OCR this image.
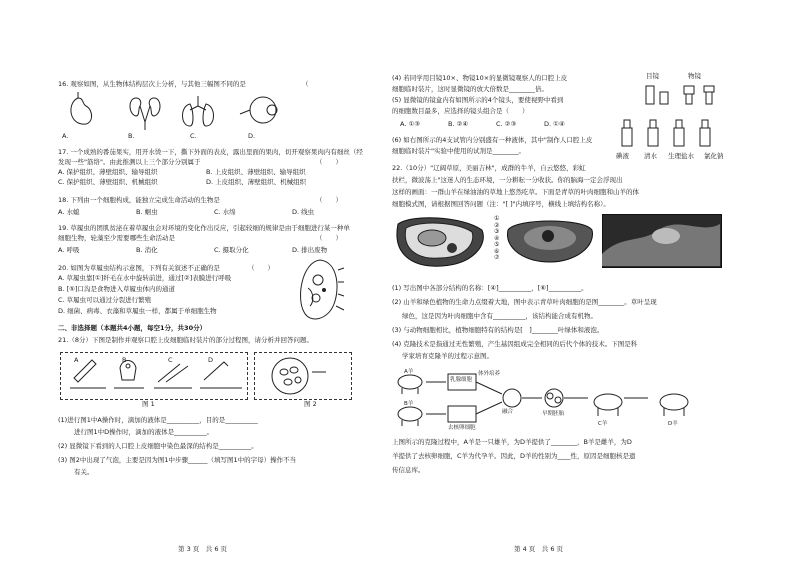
16. 观察如图，从生物体结构层次上分析，与其他三幅图不同的是	（
A.	B.	C.	D.
17. 一个成熟的番茄果实，用开水烫一下，撕下外面的表皮，露出里面的果肉，切开观察果肉内有细丝（经
发现一些"筋络"。由此推测以上三个部分分别属于	（　　）
A. 保护组织、薄壁组织、输导组织	B. 上皮组织、薄壁组织、输导组织
C. 保护组织、薄壁组织、机械组织	D. 上皮组织、薄壁组织、机械组织
18. 下列由一个细胞构成，能独立完成生命活动的生物是	（　　）
A. 水螅	B. 蛔虫	C. 水绵	D. 线虫
19. 草履虫的团肌贫泌在着草履虫会对环境的变化作出反应，引起较细的规律是由于细胞进行某一种单
细胞生物，轮藻至少需要哪些生命活动是	（　　）
A. 呼吸	B. 消化	C. 摄取分化	D. 排出废物
20. 如图为草履虫结构示意图，下列有关叙述不正确的是	（　　）
A. 草履虫靠[①]纤毛在水中旋转前进，通过[②]表膜进行呼吸
B. [⑤]口沟是食物进入草履虫体内的通道
C. 草履虫可以通过分裂进行繁殖
D. 细菌、病毒、衣藻和草履虫一样，都属于单细胞生物
二、非选择题（本题共4小题，每空1分，共30分）
21.（8分）下图是制作并观察口腔上皮细胞临时装片的部分过程图，请分析并回答问题。
A	B	C	D
图 1	图 2
(1)进行图1中A操作时，滴加的液体是__________，目的是__________
进行图1中D操作时，滴加的液体是__________。
(2) 显微镜下看到的人口腔上皮细胞中染色最深的结构是__________。
(3) 图2中出现了气泡，主要是因为图1中步骤______（填写图1中的字母）操作不当
有关。
第 3 页　共 6 页
(4) 若同学用目镜10×、物镜10×的显微镜观察人的口腔上皮
细胞临时装片，这时显微镜的放大倍数是________倍。
(5) 显微镜的镜盒内有如图所示的4个镜头，要使视野中看到
的细胞数目最多，应选择的镜头组合是（　　）
A. ①③	B. ②④	C. ②③	D. ①④
目镜	物镜
(6) 如右图所示的4支试管内分别盛有一种液体，其中"制作人口腔上皮
细胞临时装片"实验中使用的试剂是________。
碘液 清水 生理盐水 氯化钠
22.（10分）"辽阔草原，美丽吉林"，成群的牛羊，自云悠悠，彩虹
扶栏，微波荡上"这迷人的生态环境，一分耕耘一分收获。你的脑海一定会浮现出
这样的画面：一群山羊在绿油油的草地上悠然吃草。下面是青草的叶肉细胞和山羊的体
细胞模式图，请根据图回答问题（注："[ ]"内填序号，横线上填结构名称）。
①
②
③
④
⑤
⑥
⑦
(1) 写出图中各部分结构的名称：[④]__________，[⑥]__________。
(2) 山羊和绿色植物的生命力点缀着大地，图中表示青草叶肉细胞的是图________。草叶呈现
绿色，这是因为叶肉细胞中含有__________，该结构能合成有机物。
(3) 与动物细胞相比，植物细胞特有的结构是[　]________叶绿体和液泡。
(4) 克隆技术是指通过无性繁殖，产生基因组成完全相同的后代个体的技术。下图是科
学家培育克隆羊的过程示意图。
乳腺细胞
体外培养
融合	早期胚胎
去核卵细胞
D羊
A羊
B羊
C羊
上图所示的克隆过程中，A羊是一只雄羊，为D羊提供了________，B羊是雌羊，为D
羊提供了去核卵细胞，C羊为代孕羊。因此，D羊的性别为____性，原因是细胞核是遗
传信息库。
第 4 页　共 6 页
